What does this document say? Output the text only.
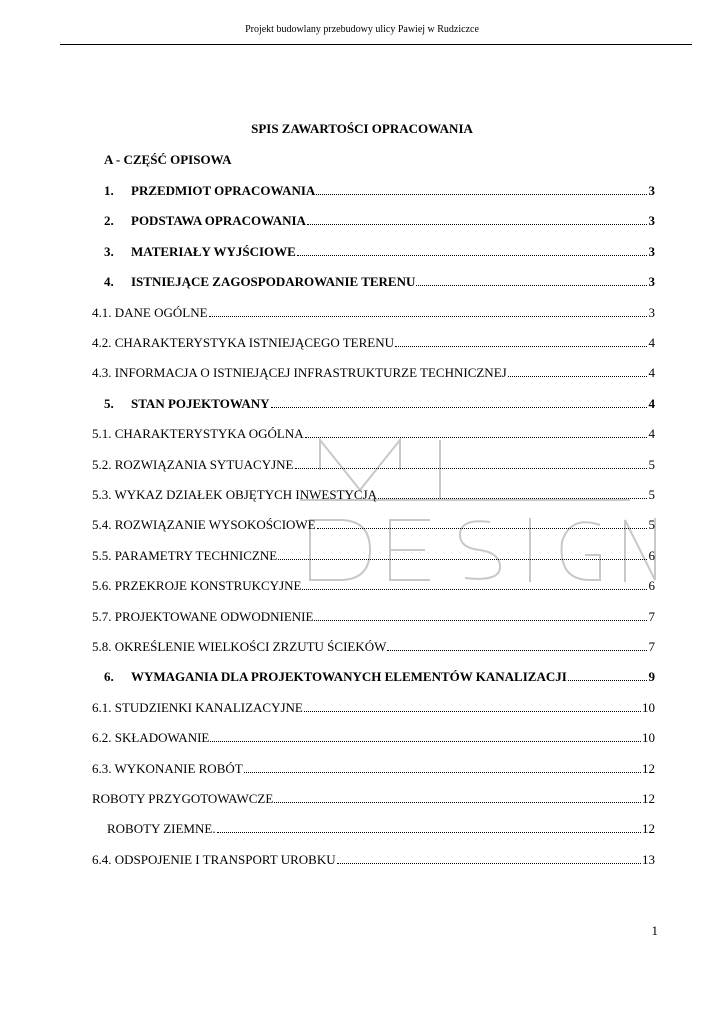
Projekt budowlany przebudowy ulicy Pawiej w Rudziczce
SPIS ZAWARTOŚCI OPRACOWANIA
A - CZĘŚĆ OPISOWA
1.	PRZEDMIOT OPRACOWANIA	3
2.	PODSTAWA OPRACOWANIA	3
3.	MATERIAŁY WYJŚCIOWE	3
4.	ISTNIEJĄCE ZAGOSPODAROWANIE TERENU	3
4.1. DANE OGÓLNE	3
4.2. CHARAKTERYSTYKA ISTNIEJĄCEGO TERENU	4
4.3. INFORMACJA O ISTNIEJĄCEJ INFRASTRUKTURZE TECHNICZNEJ	4
5.	STAN POJEKTOWANY	4
5.1. CHARAKTERYSTYKA OGÓLNA	4
5.2. ROZWIĄZANIA SYTUACYJNE	5
5.3. WYKAZ DZIAŁEK OBJĘTYCH INWESTYCJĄ	5
5.4. ROZWIĄZANIE WYSOKOŚCIOWE	5
5.5. PARAMETRY TECHNICZNE	6
5.6. PRZEKROJE KONSTRUKCYJNE	6
5.7. PROJEKTOWANE ODWODNIENIE	7
5.8. OKREŚLENIE WIELKOŚCI ZRZUTU ŚCIEKÓW	7
6.	WYMAGANIA DLA PROJEKTOWANYCH ELEMENTÓW KANALIZACJI	9
6.1. STUDZIENKI KANALIZACYJNE	10
6.2. SKŁADOWANIE	10
6.3. WYKONANIE ROBÓT	12
ROBOTY PRZYGOTOWAWCZE	12
ROBOTY ZIEMNE.	12
6.4. ODSPOJENIE I TRANSPORT UROBKU	13
1
